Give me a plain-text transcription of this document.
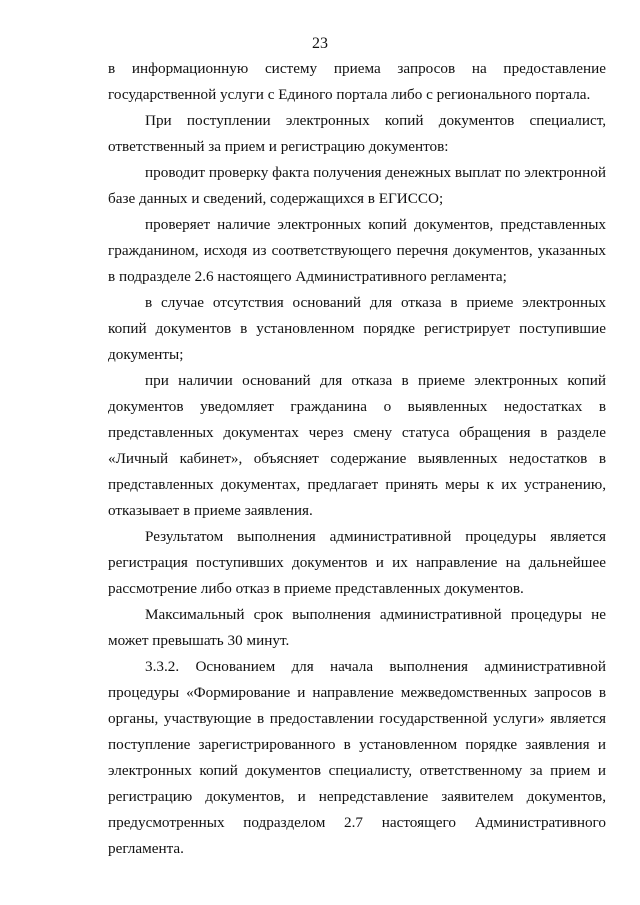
23

в информационную систему приема запросов на предоставление государственной услуги с Единого портала либо с регионального портала.

При поступлении электронных копий документов специалист, ответственный за прием и регистрацию документов:

проводит проверку факта получения денежных выплат по электронной базе данных и сведений, содержащихся в ЕГИССО;

проверяет наличие электронных копий документов, представленных гражданином, исходя из соответствующего перечня документов, указанных в подразделе 2.6 настоящего Административного регламента;

в случае отсутствия оснований для отказа в приеме электронных копий документов в установленном порядке регистрирует поступившие документы;

при наличии оснований для отказа в приеме электронных копий документов уведомляет гражданина о выявленных недостатках в представленных документах через смену статуса обращения в разделе «Личный кабинет», объясняет содержание выявленных недостатков в представленных документах, предлагает принять меры к их устранению, отказывает в приеме заявления.

Результатом выполнения административной процедуры является регистрация поступивших документов и их направление на дальнейшее рассмотрение либо отказ в приеме представленных документов.

Максимальный срок выполнения административной процедуры не может превышать 30 минут.

3.3.2. Основанием для начала выполнения административной процедуры «Формирование и направление межведомственных запросов в органы, участвующие в предоставлении государственной услуги» является поступление зарегистрированного в установленном порядке заявления и электронных копий документов специалисту, ответственному за прием и регистрацию документов, и непредставление заявителем документов, предусмотренных подразделом 2.7 настоящего Административного регламента.
